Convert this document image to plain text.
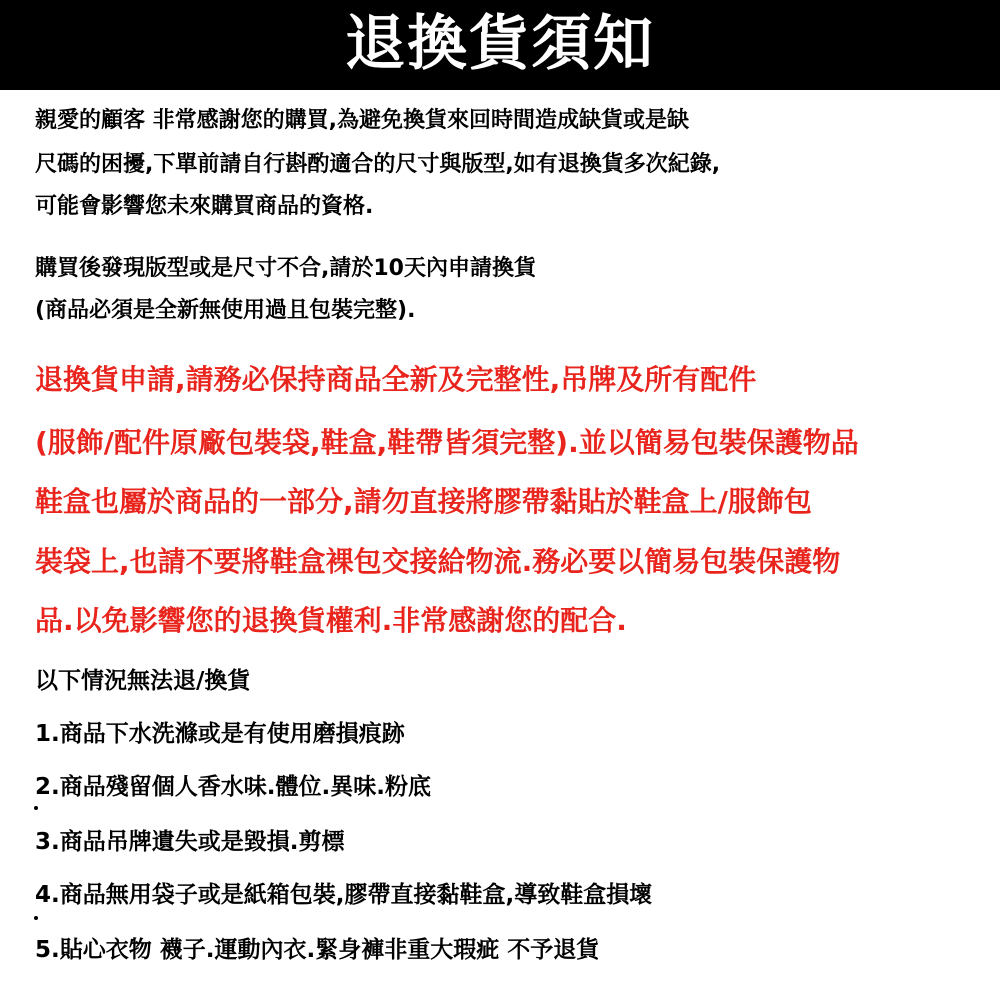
退換貨須知
親愛的顧客 非常感謝您的購買,為避免換貨來回時間造成缺貨或是缺
尺碼的困擾,下單前請自行斟酌適合的尺寸與版型,如有退換貨多次紀錄,
可能會影響您未來購買商品的資格.
購買後發現版型或是尺寸不合,請於10天內申請換貨
(商品必須是全新無使用過且包裝完整).
退換貨申請,請務必保持商品全新及完整性,吊牌及所有配件
(服飾/配件原廠包裝袋,鞋盒,鞋帶皆須完整).並以簡易包裝保護物品
鞋盒也屬於商品的一部分,請勿直接將膠帶黏貼於鞋盒上/服飾包
裝袋上,也請不要將鞋盒裸包交接給物流.務必要以簡易包裝保護物
品.以免影響您的退換貨權利.非常感謝您的配合.
以下情況無法退/換貨
1.商品下水洗滌或是有使用磨損痕跡
2.商品殘留個人香水味.體位.異味.粉底
3.商品吊牌遺失或是毀損.剪標
4.商品無用袋子或是紙箱包裝,膠帶直接黏鞋盒,導致鞋盒損壞
5.貼心衣物 襪子.運動內衣.緊身褲非重大瑕疵 不予退貨
